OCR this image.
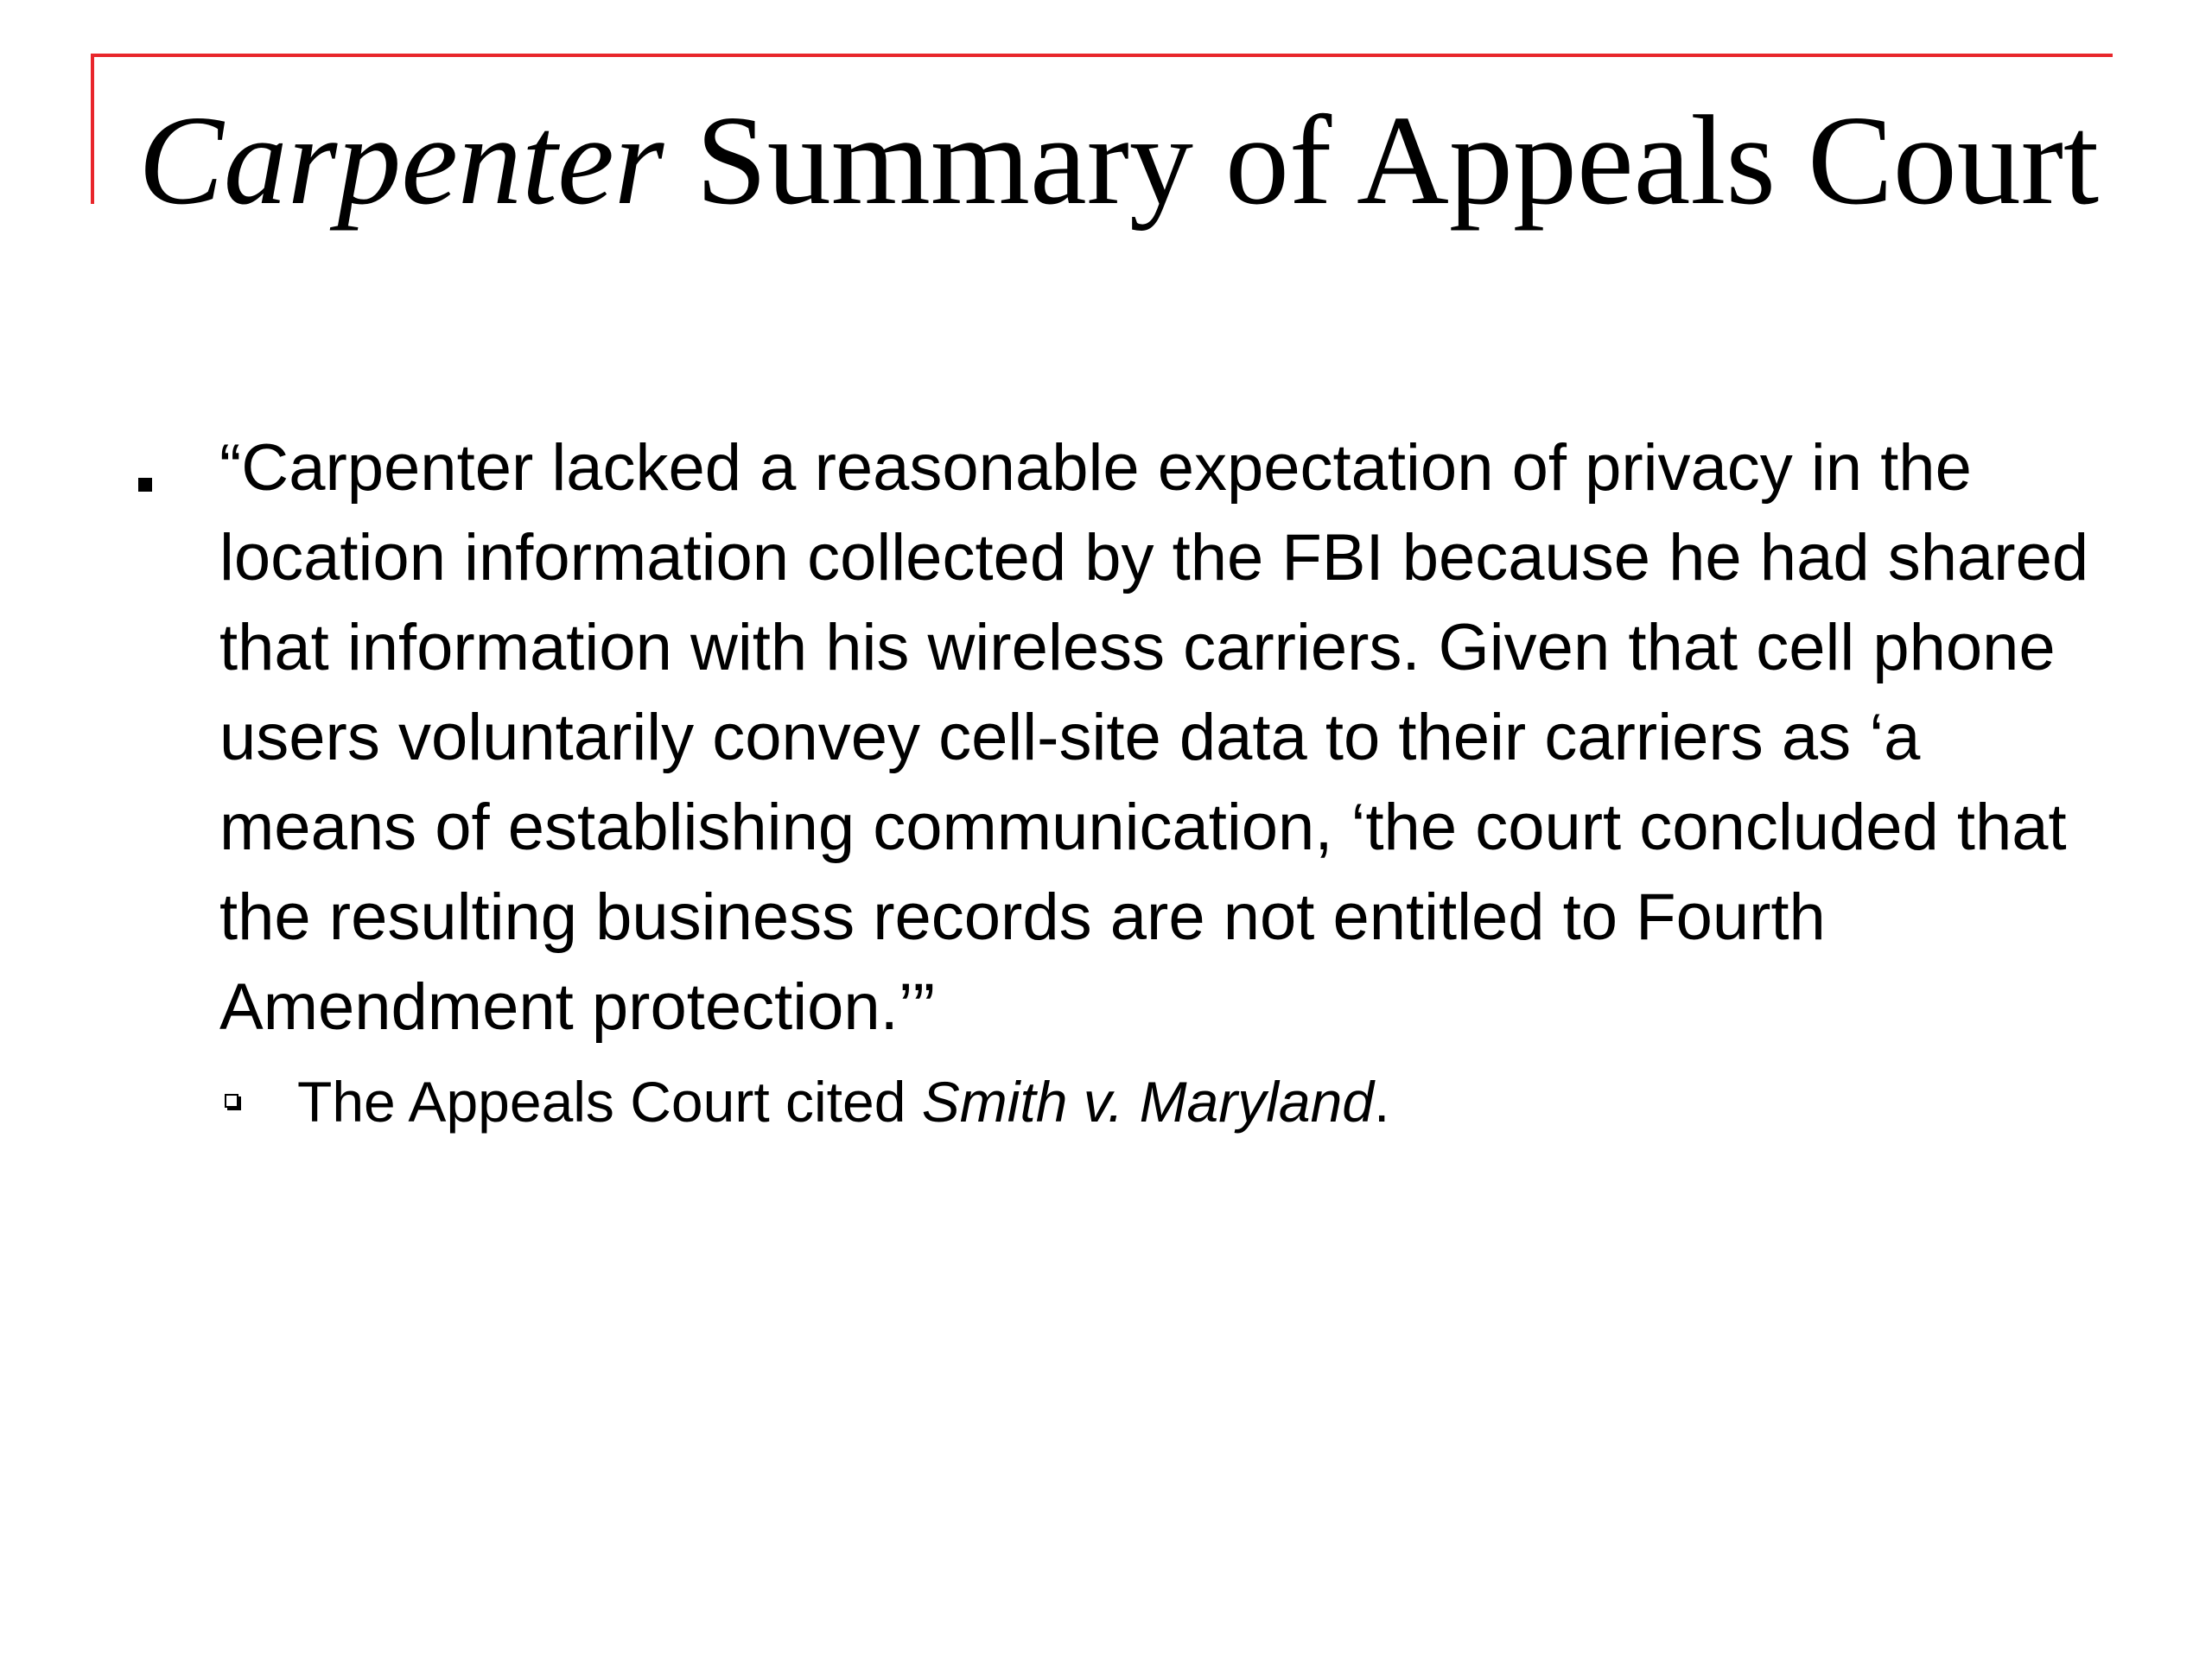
Carpenter Summary of Appeals Court

“Carpenter lacked a reasonable expectation of privacy in the location information collected by the FBI because he had shared that information with his wireless carriers. Given that cell phone users voluntarily convey cell-site data to their carriers as ‘a means of establishing communication, ‘the court concluded that the resulting business records are not entitled to Fourth Amendment protection.’”

The Appeals Court cited Smith v. Maryland.
